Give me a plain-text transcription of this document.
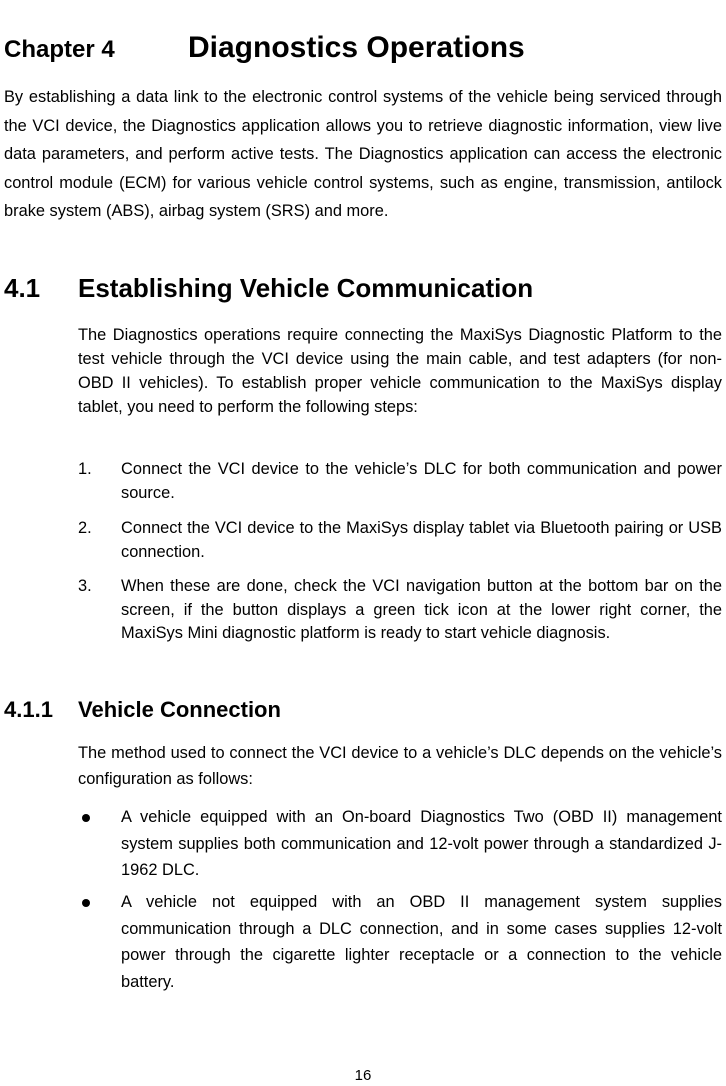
Chapter 4 Diagnostics Operations

By establishing a data link to the electronic control systems of the vehicle being serviced through the VCI device, the Diagnostics application allows you to retrieve diagnostic information, view live data parameters, and perform active tests. The Diagnostics application can access the electronic control module (ECM) for various vehicle control systems, such as engine, transmission, antilock brake system (ABS), airbag system (SRS) and more.

4.1 Establishing Vehicle Communication

The Diagnostics operations require connecting the MaxiSys Diagnostic Platform to the test vehicle through the VCI device using the main cable, and test adapters (for non-OBD II vehicles). To establish proper vehicle communication to the MaxiSys display tablet, you need to perform the following steps:

1. Connect the VCI device to the vehicle’s DLC for both communication and power source.
2. Connect the VCI device to the MaxiSys display tablet via Bluetooth pairing or USB connection.
3. When these are done, check the VCI navigation button at the bottom bar on the screen, if the button displays a green tick icon at the lower right corner, the MaxiSys Mini diagnostic platform is ready to start vehicle diagnosis.
4.1.1 Vehicle Connection

The method used to connect the VCI device to a vehicle’s DLC depends on the vehicle’s configuration as follows:

A vehicle equipped with an On-board Diagnostics Two (OBD II) management system supplies both communication and 12-volt power through a standardized J-1962 DLC.
A vehicle not equipped with an OBD II management system supplies communication through a DLC connection, and in some cases supplies 12-volt power through the cigarette lighter receptacle or a connection to the vehicle battery.
16
